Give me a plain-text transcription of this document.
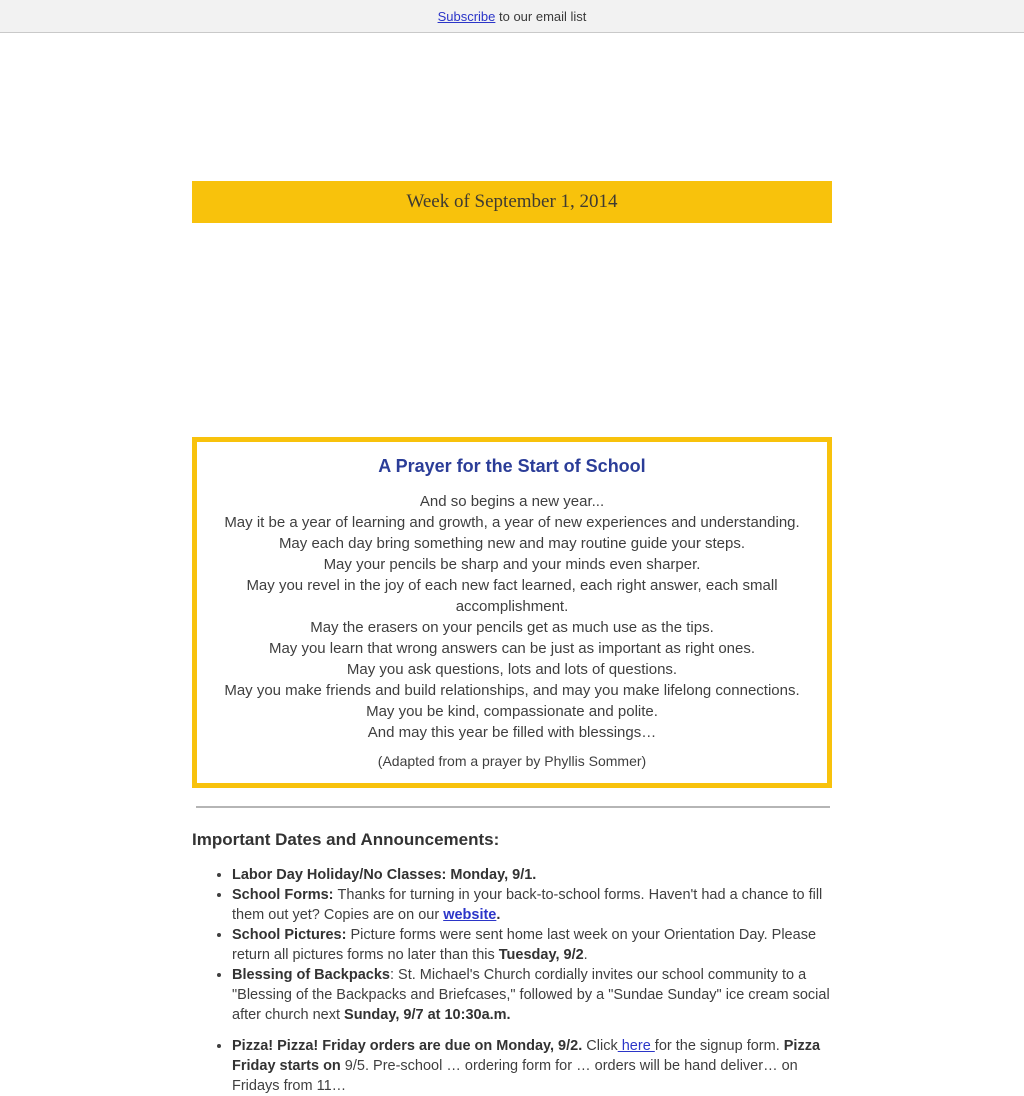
Subscribe to our email list
Week of September 1, 2014
A Prayer for the Start of School
And so begins a new year...
May it be a year of learning and growth, a year of new experiences and understanding.
May each day bring something new and may routine guide your steps.
May your pencils be sharp and your minds even sharper.
May you revel in the joy of each new fact learned, each right answer, each small accomplishment.
May the erasers on your pencils get as much use as the tips.
May you learn that wrong answers can be just as important as right ones.
May you ask questions, lots and lots of questions.
May you make friends and build relationships, and may you make lifelong connections.
May you be kind, compassionate and polite.
And may this year be filled with blessings…
(Adapted from a prayer by Phyllis Sommer)
Important Dates and Announcements:
• Labor Day Holiday/No Classes: Monday, 9/1.
• School Forms: Thanks for turning in your back-to-school forms. Haven't had a chance to fill them out yet? Copies are on our website.
• School Pictures: Picture forms were sent home last week on your Orientation Day. Please return all pictures forms no later than this Tuesday, 9/2.
• Blessing of Backpacks: St. Michael's Church cordially invites our school community to a "Blessing of the Backpacks and Briefcases," followed by a "Sundae Sunday" ice cream social after church next Sunday, 9/7 at 10:30a.m.
• Pizza! Pizza! Friday orders are due on Monday, 9/2. Click here for the signup form. Pizza Friday starts on 9/5. Pre-school … ordering form for … orders will be hand deliver… on Fridays from 11…
